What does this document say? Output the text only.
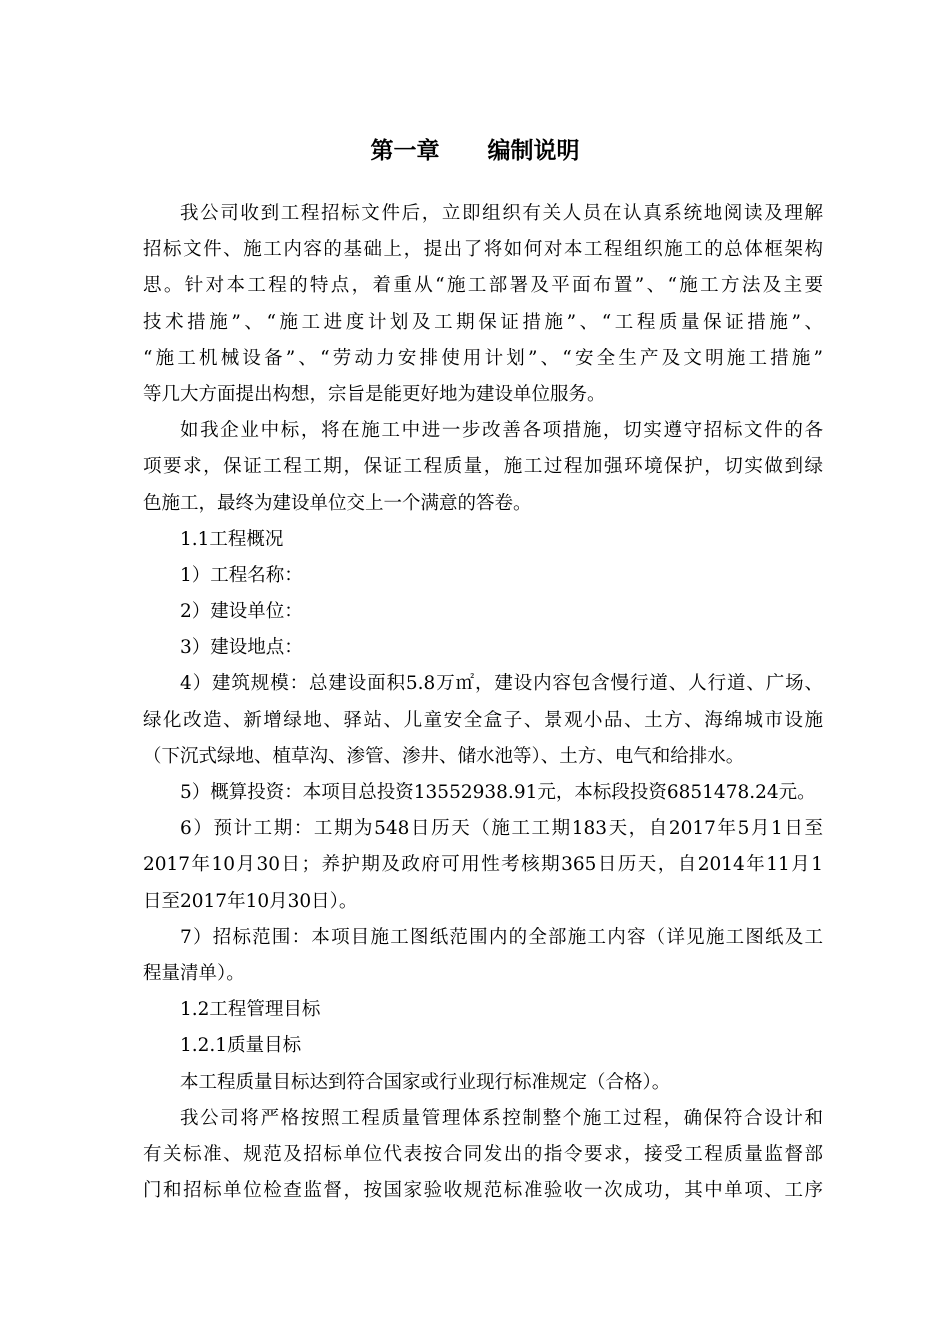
第一章      编制说明
我公司收到工程招标文件后，立即组织有关人员在认真系统地阅读及理解
招标文件、施工内容的基础上，提出了将如何对本工程组织施工的总体框架构
思。针对本工程的特点，着重从“施工部署及平面布置”、“施工方法及主要
技术措施”、“施工进度计划及工期保证措施”、“工程质量保证措施”、
“施工机械设备”、“劳动力安排使用计划”、“安全生产及文明施工措施”
等几大方面提出构想，宗旨是能更好地为建设单位服务。
如我企业中标，将在施工中进一步改善各项措施，切实遵守招标文件的各
项要求，保证工程工期，保证工程质量，施工过程加强环境保护，切实做到绿
色施工，最终为建设单位交上一个满意的答卷。
1.1工程概况
1）工程名称：
2）建设单位：
3）建设地点：
4）建筑规模：总建设面积5.8万㎡，建设内容包含慢行道、人行道、广场、
绿化改造、新增绿地、驿站、儿童安全盒子、景观小品、土方、海绵城市设施
（下沉式绿地、植草沟、渗管、渗井、储水池等）、土方、电气和给排水。
5）概算投资：本项目总投资13552938.91元，本标段投资6851478.24元。
6）预计工期：工期为548日历天（施工工期183天，自2017年5月1日至
2017年10月30日；养护期及政府可用性考核期365日历天，自2014年11月1
日至2017年10月30日）。
7）招标范围：本项目施工图纸范围内的全部施工内容（详见施工图纸及工
程量清单）。
1.2工程管理目标
1.2.1质量目标
本工程质量目标达到符合国家或行业现行标准规定（合格）。
我公司将严格按照工程质量管理体系控制整个施工过程，确保符合设计和
有关标准、规范及招标单位代表按合同发出的指令要求，接受工程质量监督部
门和招标单位检查监督，按国家验收规范标准验收一次成功，其中单项、工序
